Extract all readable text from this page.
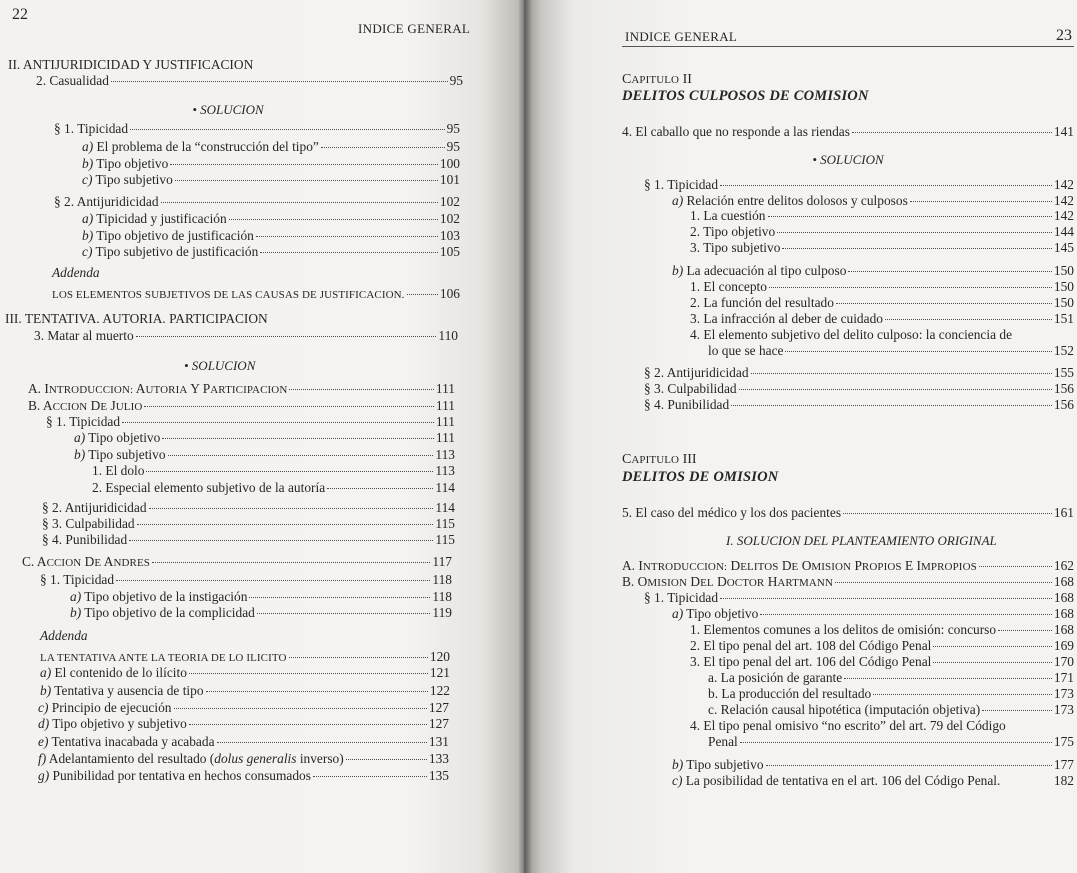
22
INDICE GENERAL
II. ANTIJURIDICIDAD Y JUSTIFICACION
2. Casualidad	95
• SOLUCION
§ 1. Tipicidad	95
a) El problema de la “construcción del tipo”	95
b) Tipo objetivo	100
c) Tipo subjetivo	101
§ 2. Antijuridicidad	102
a) Tipicidad y justificación	102
b) Tipo objetivo de justificación	103
c) Tipo subjetivo de justificación	105
Addenda
LOS ELEMENTOS SUBJETIVOS DE LAS CAUSAS DE JUSTIFICACION.	106
III. TENTATIVA. AUTORIA. PARTICIPACION
3. Matar al muerto	110
• SOLUCION
A. INTRODUCCION: AUTORIA Y PARTICIPACION	111
B. ACCION DE JULIO	111
§ 1. Tipicidad	111
a) Tipo objetivo	111
b) Tipo subjetivo	113
1. El dolo	113
2. Especial elemento subjetivo de la autoría	114
§ 2. Antijuridicidad	114
§ 3. Culpabilidad	115
§ 4. Punibilidad	115
C. ACCION DE ANDRES	117
§ 1. Tipicidad	118
a) Tipo objetivo de la instigación	118
b) Tipo objetivo de la complicidad	119
Addenda
LA TENTATIVA ANTE LA TEORIA DE LO ILICITO	120
a) El contenido de lo ilícito	121
b) Tentativa y ausencia de tipo	122
c) Principio de ejecución	127
d) Tipo objetivo y subjetivo	127
e) Tentativa inacabada y acabada	131
f) Adelantamiento del resultado (dolus generalis inverso)	133
g) Punibilidad por tentativa en hechos consumados	135
INDICE GENERAL	23
CAPITULO II
DELITOS CULPOSOS DE COMISION
4. El caballo que no responde a las riendas	141
• SOLUCION
§ 1. Tipicidad	142
a) Relación entre delitos dolosos y culposos	142
1. La cuestión	142
2. Tipo objetivo	144
3. Tipo subjetivo	145
b) La adecuación al tipo culposo	150
1. El concepto	150
2. La función del resultado	150
3. La infracción al deber de cuidado	151
4. El elemento subjetivo del delito culposo: la conciencia de
lo que se hace	152
§ 2. Antijuridicidad	155
§ 3. Culpabilidad	156
§ 4. Punibilidad	156
CAPITULO III
DELITOS DE OMISION
5. El caso del médico y los dos pacientes	161
I. SOLUCION DEL PLANTEAMIENTO ORIGINAL
A. INTRODUCCION: DELITOS DE OMISION PROPIOS E IMPROPIOS	162
B. OMISION DEL DOCTOR HARTMANN	168
§ 1. Tipicidad	168
a) Tipo objetivo	168
1. Elementos comunes a los delitos de omisión: concurso	168
2. El tipo penal del art. 108 del Código Penal	169
3. El tipo penal del art. 106 del Código Penal	170
a. La posición de garante	171
b. La producción del resultado	173
c. Relación causal hipotética (imputación objetiva)	173
4. El tipo penal omisivo “no escrito” del art. 79 del Código
Penal	175
b) Tipo subjetivo	177
c) La posibilidad de tentativa en el art. 106 del Código Penal.	182
